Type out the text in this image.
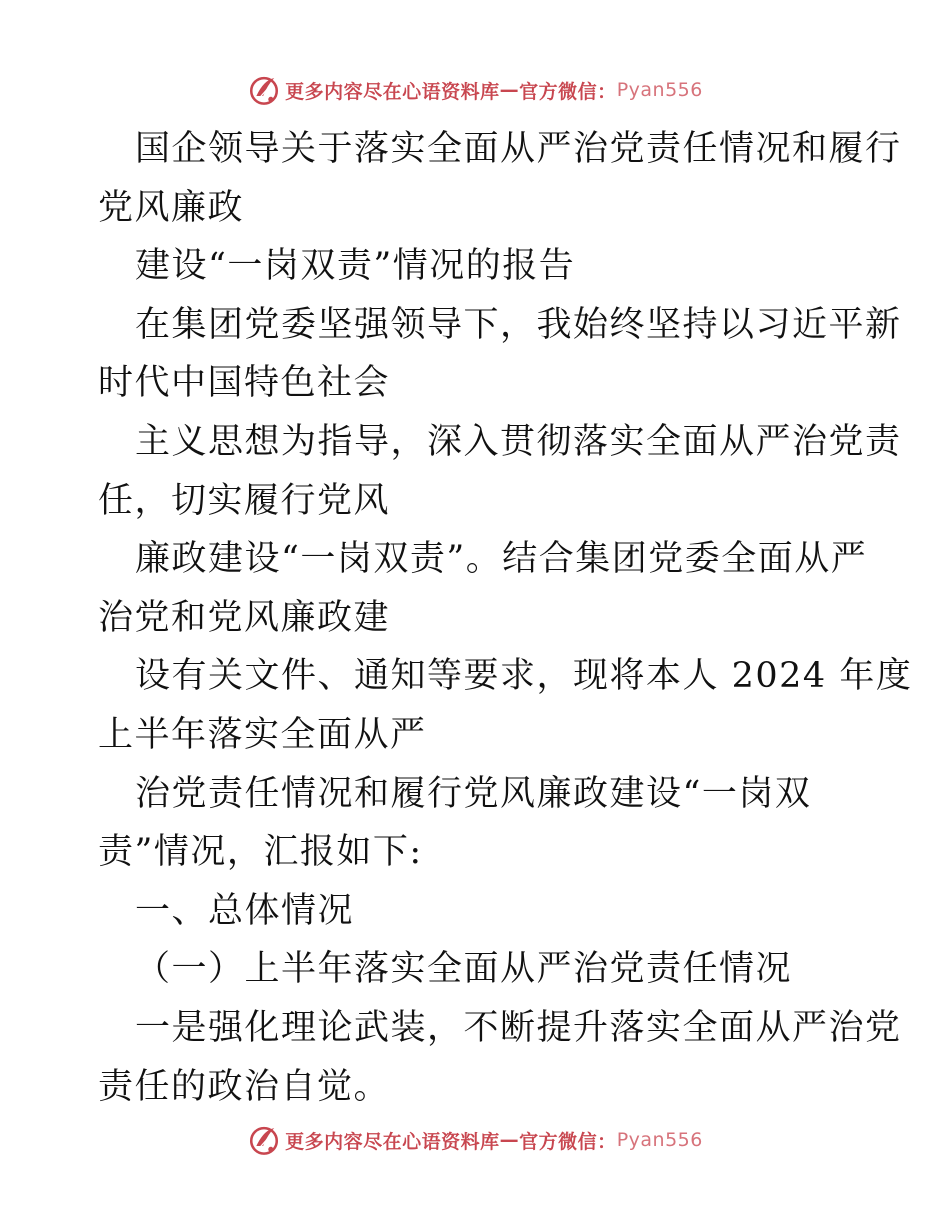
更多内容尽在心语资料库 — 官方微信： Pyan556
国企领导关于落实全面从严治党责任情况和履行
党风廉政
建设“一岗双责”情况的报告
在集团党委坚强领导下，我始终坚持以习近平新
时代中国特色社会
主义思想为指导，深入贯彻落实全面从严治党责
任，切实履行党风
廉政建设“一岗双责”。结合集团党委全面从严
治党和党风廉政建
设有关文件、通知等要求，现将本人 2024 年度
上半年落实全面从严
治党责任情况和履行党风廉政建设“一岗双
责”情况，汇报如下:
一、总体情况
（一）上半年落实全面从严治党责任情况
一是强化理论武装，不断提升落实全面从严治党
责任的政治自觉。
更多内容尽在心语资料库 — 官方微信： Pyan556
